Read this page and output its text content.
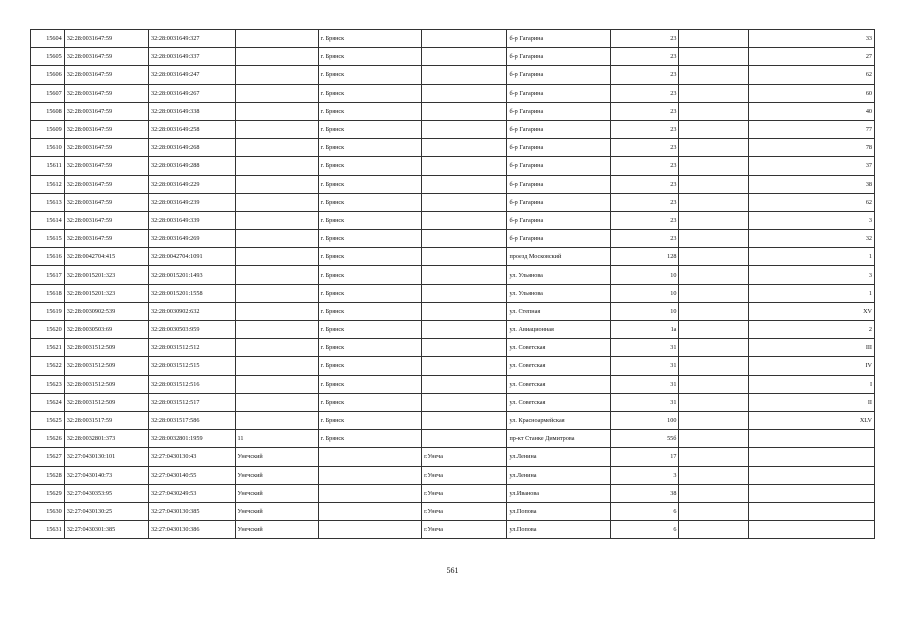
15604	32:28:0031647:59	32:28:0031649:327		г. Брянск		б-р Гагарина	23		33
15605	32:28:0031647:59	32:28:0031649:337		г. Брянск		б-р Гагарина	23		27
15606	32:28:0031647:59	32:28:0031649:247		г. Брянск		б-р Гагарина	23		62
15607	32:28:0031647:59	32:28:0031649:267		г. Брянск		б-р Гагарина	23		60
15608	32:28:0031647:59	32:28:0031649:338		г. Брянск		б-р Гагарина	23		40
15609	32:28:0031647:59	32:28:0031649:258		г. Брянск		б-р Гагарина	23		77
15610	32:28:0031647:59	32:28:0031649:268		г. Брянск		б-р Гагарина	23		78
15611	32:28:0031647:59	32:28:0031649:288		г. Брянск		б-р Гагарина	23		37
15612	32:28:0031647:59	32:28:0031649:229		г. Брянск		б-р Гагарина	23		38
15613	32:28:0031647:59	32:28:0031649:239		г. Брянск		б-р Гагарина	23		62
15614	32:28:0031647:59	32:28:0031649:339		г. Брянск		б-р Гагарина	23		3
15615	32:28:0031647:59	32:28:0031649:269		г. Брянск		б-р Гагарина	23		32
15616	32:28:0042704:415	32:28:0042704:1091		г. Брянск		проезд Московский	128		1
15617	32:28:0015201:323	32:28:0015201:1493		г. Брянск		ул. Ульянова	10		3
15618	32:28:0015201:323	32:28:0015201:1558		г. Брянск		ул. Ульянова	10		1
15619	32:28:0030902:539	32:28:0030902:632		г. Брянск		ул. Степная	10		XV
15620	32:28:0030503:69	32:28:0030503:959		г. Брянск		ул. Авиационная	1а		2
15621	32:28:0031512:509	32:28:0031512:512		г. Брянск		ул. Советская	31		III
15622	32:28:0031512:509	32:28:0031512:515		г. Брянск		ул. Советская	31		IV
15623	32:28:0031512:509	32:28:0031512:516		г. Брянск		ул. Советская	31		I
15624	32:28:0031512:509	32:28:0031512:517		г. Брянск		ул. Советская	31		II
15625	32:28:0031517:59	32:28:0031517:586		г. Брянск		ул. Красноармейская	100		XLV
15626	32:28:0032801:373	32:28:0032801:1959	11	г. Брянск		пр-кт Станке Димитрова	55б		
15627	32:27:0430130:101	32:27:0430130:43	Унечский		г.Унеча	ул.Ленина	17		
15628	32:27:0430140:73	32:27:0430140:55	Унечский		г.Унеча	ул.Ленина	3		
15629	32:27:0430353:95	32:27:0430249:53	Унечский		г.Унеча	ул.Иванова	38		
15630	32:27:0430130:25	32:27:0430130:385	Унечский		г.Унеча	ул.Попова	6		
15631	32:27:0430301:385	32:27:0430130:386	Унечский		г.Унеча	ул.Попова	6		
561
